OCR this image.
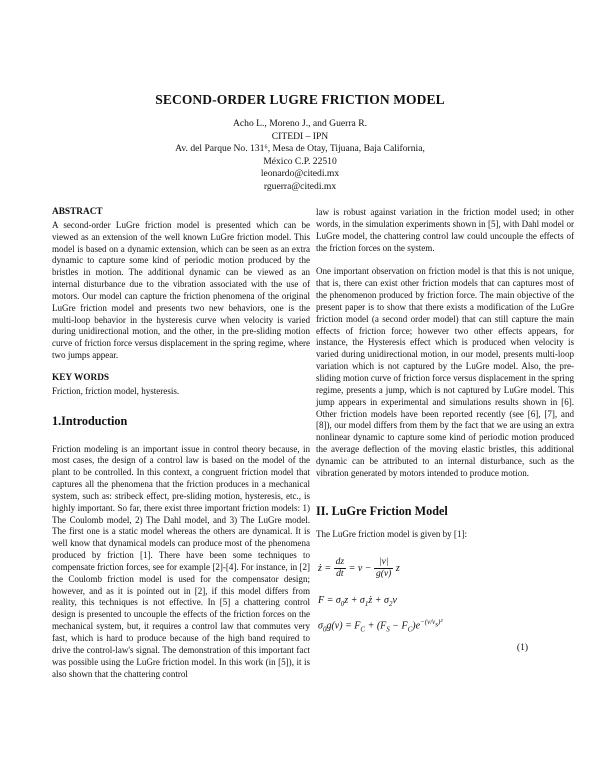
SECOND-ORDER LUGRE FRICTION MODEL
Acho L., Moreno J., and Guerra R.
CITEDI – IPN
Av. del Parque No. 131⁶, Mesa de Otay, Tijuana, Baja California,
México C.P. 22510
leonardo@citedi.mx
rguerra@citedi.mx
ABSTRACT

A second-order LuGre friction model is presented which can be viewed as an extension of the well known LuGre friction model. This model is based on a dynamic extension, which can be seen as an extra dynamic to capture some kind of periodic motion produced by the bristles in motion. The additional dynamic can be viewed as an internal disturbance due to the vibration associated with the use of motors. Our model can capture the friction phenomena of the original LuGre friction model and presents two new behaviors, one is the multi-loop behavior in the hysteresis curve when velocity is varied during unidirectional motion, and the other, in the pre-sliding motion curve of friction force versus displacement in the spring regime, where two jumps appear.

KEY WORDS

Friction, friction model, hysteresis.

1.Introduction

Friction modeling is an important issue in control theory because, in most cases, the design of a control law is based on the model of the plant to be controlled. In this context, a congruent friction model that captures all the phenomena that the friction produces in a mechanical system, such as: stribeck effect, pre-sliding motion, hysteresis, etc., is highly important. So far, there exist three important friction models: 1) The Coulomb model, 2) The Dahl model, and 3) The LuGre model. The first one is a static model whereas the others are dynamical. It is well know that dynamical models can produce most of the phenomena produced by friction [1]. There have been some techniques to compensate friction forces, see for example [2]-[4]. For instance, in [2] the Coulomb friction model is used for the compensator design; however, and as it is pointed out in [2], if this model differs from reality, this techniques is not effective. In [5] a chattering control design is presented to uncouple the effects of the friction forces on the mechanical system, but, it requires a control law that commutes very fast, which is hard to produce because of the high band required to drive the control-law's signal. The demonstration of this important fact was possible using the LuGre friction model. In this work (in [5]), it is also shown that the chattering control

law is robust against variation in the friction model used; in other words, in the simulation experiments shown in [5], with Dahl model or LuGre model, the chattering control law could uncouple the effects of the friction forces on the system.

One important observation on friction model is that this is not unique, that is, there can exist other friction models that can captures most of the phenomenon produced by friction force. The main objective of the present paper is to show that there exists a modification of the LuGre friction model (a second order model) that can still capture the main effects of friction force; however two other effects appears, for instance, the Hysteresis effect which is produced when velocity is varied during unidirectional motion, in our model, presents multi-loop variation which is not captured by the LuGre model. Also, the pre-sliding motion curve of friction force versus displacement in the spring regime, presents a jump, which is not captured by LuGre model. This jump appears in experimental and simulations results shown in [6]. Other friction models have been reported recently (see [6], [7], and [8]), our model differs from them by the fact that we are using an extra nonlinear dynamic to capture some kind of periodic motion produced the average deflection of the moving elastic bristles, this additional dynamic can be attributed to an internal disturbance, such as the vibration generated by motors intended to produce motion.

II. LuGre Friction Model

The LuGre friction model is given by [1]:

ż = $\frac{dz}{dt} = v - \frac{|v|}{g(v)}$ z
$F = \sigma_0z$ + $\sigma_1ż + \sigma_2v$
$\sigma_0g(v) = F_C + (F_S - F_C)e^{-(v/v_s)^2}$
(1)
